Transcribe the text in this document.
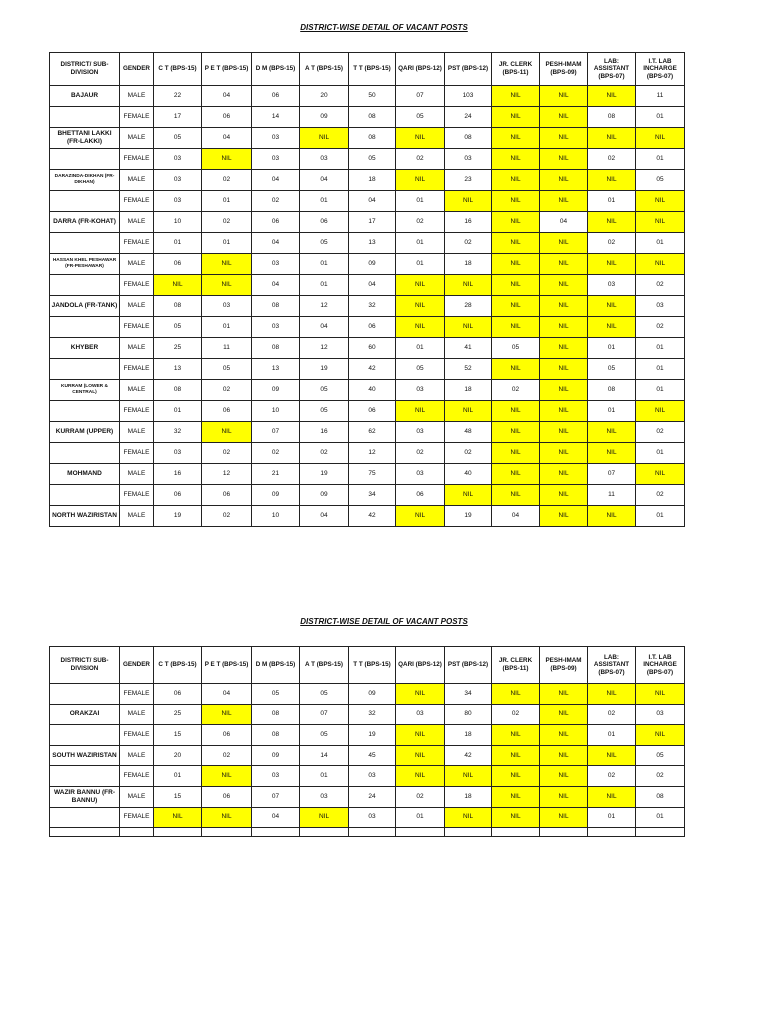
DISTRICT-WISE DETAIL OF VACANT POSTS
DISTRICT/ SUB-DIVISION	GENDER	C T (BPS-15)	P E T (BPS-15)	D M (BPS-15)	A T (BPS-15)	T T (BPS-15)	QARI (BPS-12)	PST (BPS-12)	JR. CLERK (BPS-11)	PESH-IMAM (BPS-09)	LAB: ASSISTANT (BPS-07)	I.T. LAB INCHARGE (BPS-07)
BAJAUR	MALE	22	04	06	20	50	07	103	NIL	NIL	NIL	11
	FEMALE	17	06	14	09	08	05	24	NIL	NIL	08	01
BHETTANI LAKKI (FR-LAKKI)	MALE	05	04	03	NIL	08	NIL	08	NIL	NIL	NIL	NIL
	FEMALE	03	NIL	03	03	05	02	03	NIL	NIL	02	01
DARAZINDA-DIKHAN (FR-DIKHAN)	MALE	03	02	04	04	18	NIL	23	NIL	NIL	NIL	05
	FEMALE	03	01	02	01	04	01	NIL	NIL	NIL	01	NIL
DARRA (FR-KOHAT)	MALE	10	02	06	06	17	02	16	NIL	04	NIL	NIL
	FEMALE	01	01	04	05	13	01	02	NIL	NIL	02	01
HASSAN KHEL PESHAWAR (FR-PESHAWAR)	MALE	06	NIL	03	01	09	01	18	NIL	NIL	NIL	NIL
	FEMALE	NIL	NIL	04	01	04	NIL	NIL	NIL	NIL	03	02
JANDOLA (FR-TANK)	MALE	08	03	08	12	32	NIL	28	NIL	NIL	NIL	03
	FEMALE	05	01	03	04	06	NIL	NIL	NIL	NIL	NIL	02
KHYBER	MALE	25	11	08	12	60	01	41	05	NIL	01	01
	FEMALE	13	05	13	19	42	05	52	NIL	NIL	05	01
KURRAM (LOWER & CENTRAL)	MALE	08	02	09	05	40	03	18	02	NIL	08	01
	FEMALE	01	06	10	05	06	NIL	NIL	NIL	NIL	01	NIL
KURRAM (UPPER)	MALE	32	NIL	07	16	62	03	48	NIL	NIL	NIL	02
	FEMALE	03	02	02	02	12	02	02	NIL	NIL	NIL	01
MOHMAND	MALE	16	12	21	19	75	03	40	NIL	NIL	07	NIL
	FEMALE	06	06	09	09	34	06	NIL	NIL	NIL	11	02
NORTH WAZIRISTAN	MALE	19	02	10	04	42	NIL	19	04	NIL	NIL	01
DISTRICT-WISE DETAIL OF VACANT POSTS
DISTRICT/ SUB-DIVISION	GENDER	C T (BPS-15)	P E T (BPS-15)	D M (BPS-15)	A T (BPS-15)	T T (BPS-15)	QARI (BPS-12)	PST (BPS-12)	JR. CLERK (BPS-11)	PESH-IMAM (BPS-09)	LAB: ASSISTANT (BPS-07)	I.T. LAB INCHARGE (BPS-07)
	FEMALE	06	04	05	05	09	NIL	34	NIL	NIL	NIL	NIL
ORAKZAI	MALE	25	NIL	08	07	32	03	80	02	NIL	02	03
	FEMALE	15	06	08	05	19	NIL	18	NIL	NIL	01	NIL
SOUTH WAZIRISTAN	MALE	20	02	09	14	45	NIL	42	NIL	NIL	NIL	05
	FEMALE	01	NIL	03	01	03	NIL	NIL	NIL	NIL	02	02
WAZIR BANNU (FR-BANNU)	MALE	15	06	07	03	24	02	18	NIL	NIL	NIL	08
	FEMALE	NIL	NIL	04	NIL	03	01	NIL	NIL	NIL	01	01
